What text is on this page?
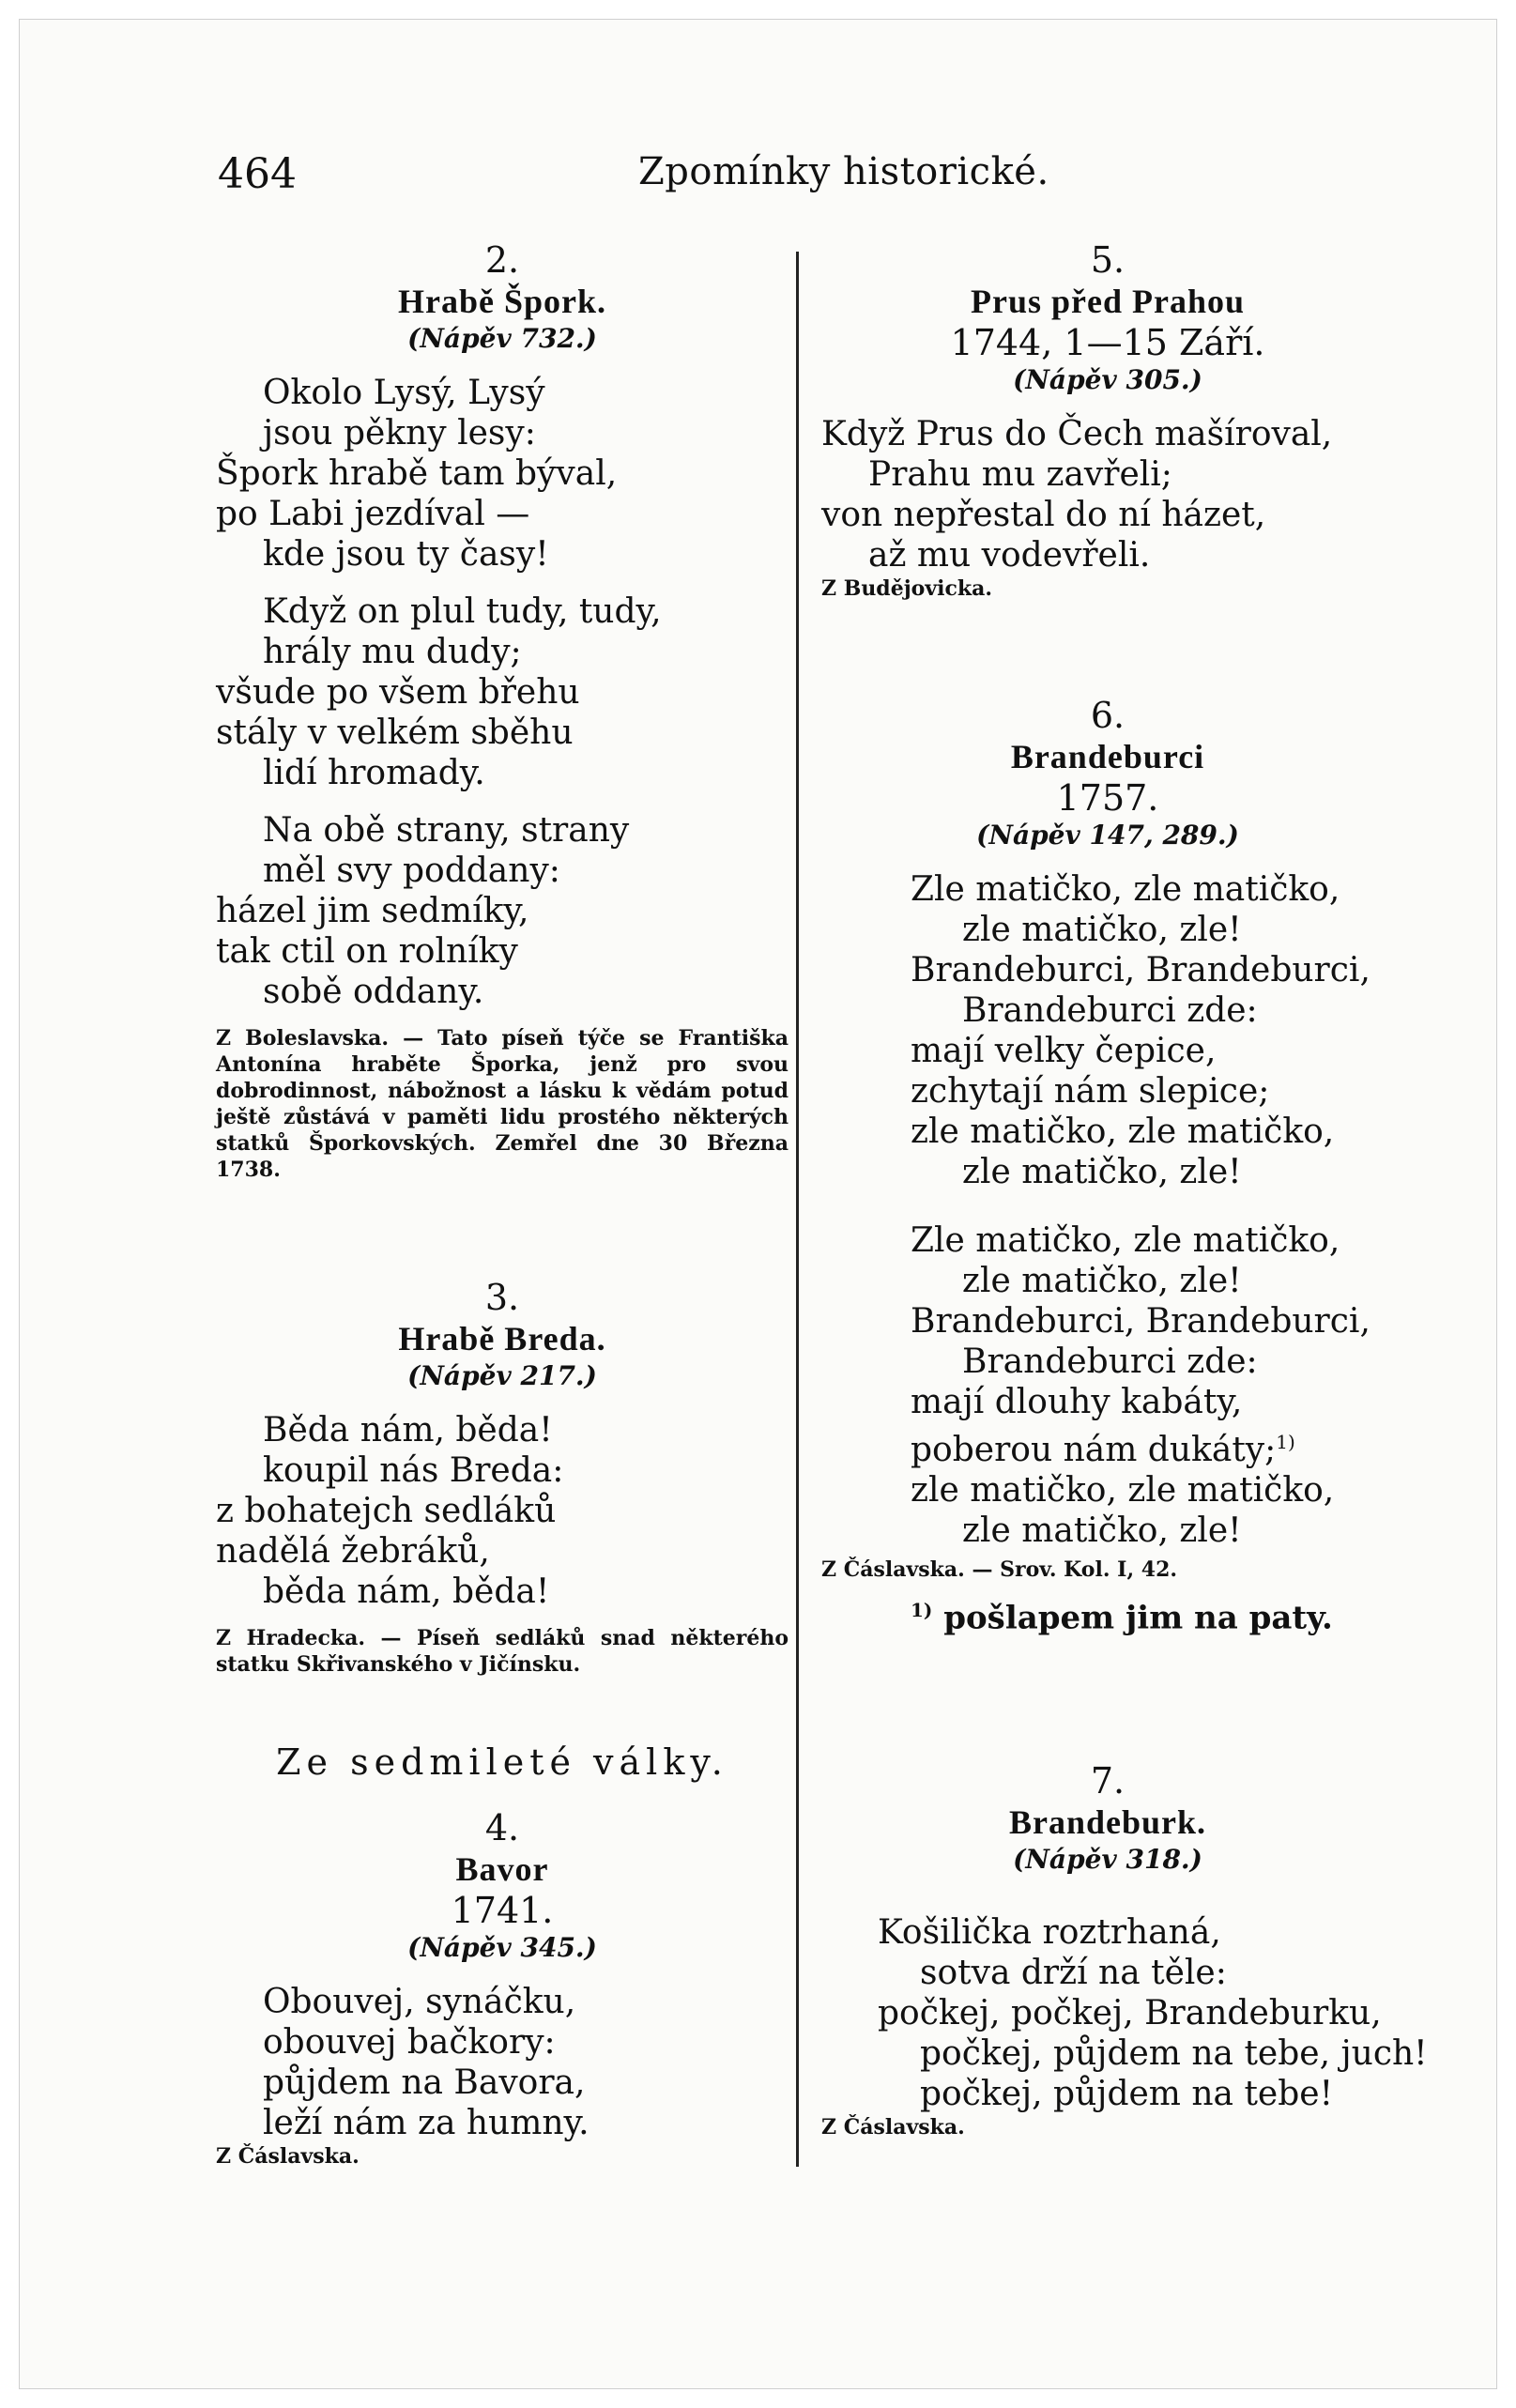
464	Zpomínky historické.
2.
Hrabě Špork.
(Nápěv 732.)
Okolo Lysý, Lysý
jsou pěkny lesy:
Špork hrabě tam býval,
po Labi jezdíval —
kde jsou ty časy!
Když on plul tudy, tudy,
hrály mu dudy;
všude po všem břehu
stály v velkém sběhu
lidí hromady.
Na obě strany, strany
měl svy poddany:
házel jim sedmíky,
tak ctil on rolníky
sobě oddany.
Z Boleslavska. — Tato píseň týče se Františka Antonína hraběte Šporka, jenž pro svou dobrodinnost, nábožnost a lásku k vědám potud ještě zůstává v paměti lidu prostého některých statků Šporkovských. Zemřel dne 30 Března 1738.
3.
Hrabě Breda.
(Nápěv 217.)
Běda nám, běda!
koupil nás Breda:
z bohatejch sedláků
nadělá žebráků,
běda nám, běda!
Z Hradecka. — Píseň sedláků snad některého statku Skřivanského v Jičínsku.
Ze sedmileté války.
4.
Bavor
1741.
(Nápěv 345.)
Obouvej, synáčku,
obouvej bačkory:
půjdem na Bavora,
leží nám za humny.
Z Čáslavska.
5.
Prus před Prahou
1744, 1—15 Září.
(Nápěv 305.)
Když Prus do Čech mašíroval,
Prahu mu zavřeli;
von nepřestal do ní házet,
až mu vodevřeli.
Z Budějovicka.
6.
Brandeburci
1757.
(Nápěv 147, 289.)
Zle matičko, zle matičko,
zle matičko, zle!
Brandeburci, Brandeburci,
Brandeburci zde:
mají velky čepice,
zchytají nám slepice;
zle matičko, zle matičko,
zle matičko, zle!
Zle matičko, zle matičko,
zle matičko, zle!
Brandeburci, Brandeburci,
Brandeburci zde:
mají dlouhy kabáty,
poberou nám dukáty;$^{1)}$
zle matičko, zle matičko,
zle matičko, zle!
Z Čáslavska. — Srov. Kol. I, 42.
$^{1)}$ pošlapem jim na paty.
7.
Brandeburk.
(Nápěv 318.)
Košilička roztrhaná,
sotva drží na těle:
počkej, počkej, Brandeburku,
počkej, půjdem na tebe, juch!
počkej, půjdem na tebe!
Z Čáslavska.
